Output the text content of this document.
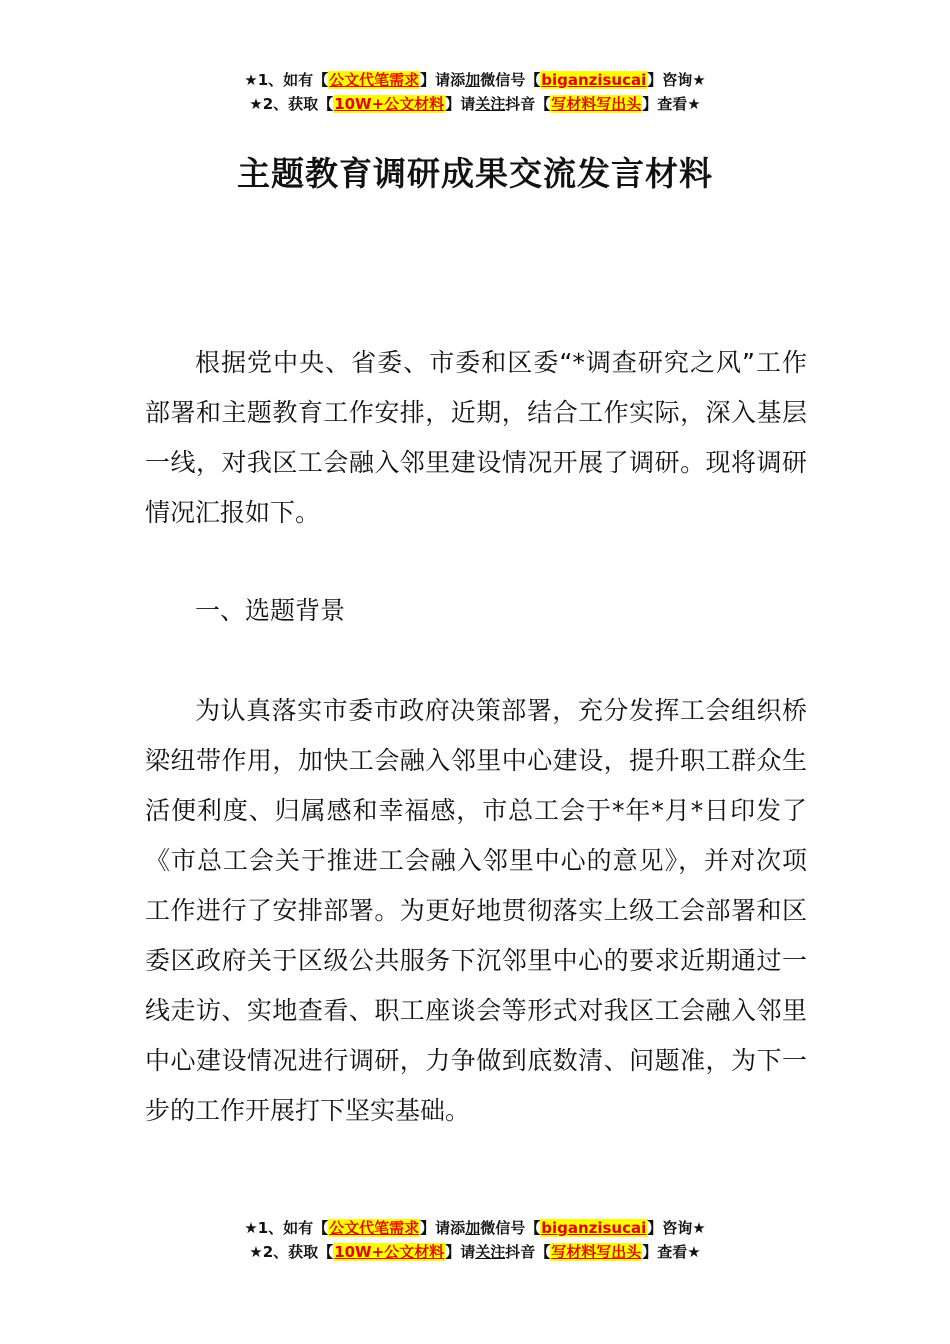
★1、如有【公文代笔需求】请添加微信号【biganzisucai】咨询★
★2、获取【10W+公文材料】请关注抖音【写材料写出头】查看★
主题教育调研成果交流发言材料

根据党中央、省委、市委和区委“*调查研究之风”工作部署和主题教育工作安排，近期，结合工作实际，深入基层一线，对我区工会融入邻里建设情况开展了调研。现将调研情况汇报如下。

一、选题背景

为认真落实市委市政府决策部署，充分发挥工会组织桥梁纽带作用，加快工会融入邻里中心建设，提升职工群众生活便利度、归属感和幸福感，市总工会于*年*月*日印发了《市总工会关于推进工会融入邻里中心的意见》，并对次项工作进行了安排部署。为更好地贯彻落实上级工会部署和区委区政府关于区级公共服务下沉邻里中心的要求近期通过一线走访、实地查看、职工座谈会等形式对我区工会融入邻里中心建设情况进行调研，力争做到底数清、问题准，为下一步的工作开展打下坚实基础。

★1、如有【公文代笔需求】请添加微信号【biganzisucai】咨询★
★2、获取【10W+公文材料】请关注抖音【写材料写出头】查看★
